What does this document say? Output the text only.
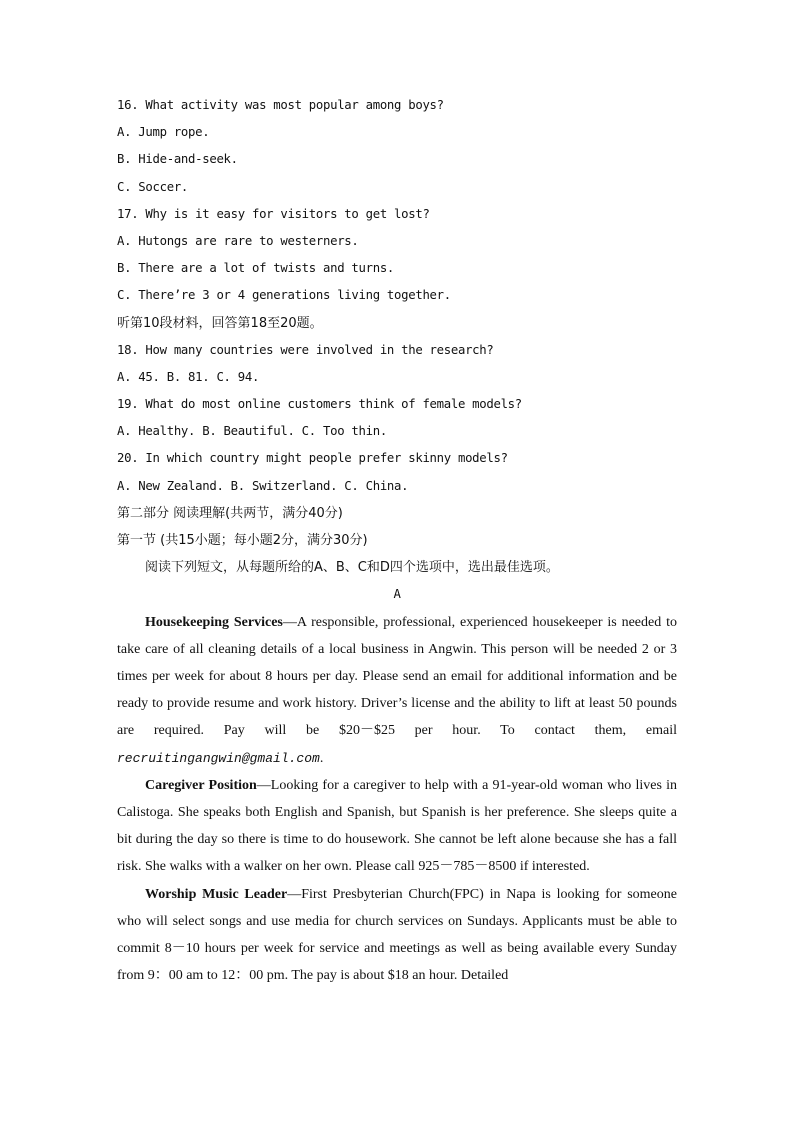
16. What activity was most popular among boys?
A. Jump rope.
B. Hide-and-seek.
C. Soccer.
17. Why is it easy for visitors to get lost?
A. Hutongs are rare to westerners.
B. There are a lot of twists and turns.
C. There’re 3 or 4 generations living together.
听第10段材料，回答第18至20题。
18. How many countries were involved in the research?
A. 45. B. 81. C. 94.
19. What do most online customers think of female models?
A. Healthy. B. Beautiful. C. Too thin.
20. In which country might people prefer skinny models?
A. New Zealand. B. Switzerland. C. China.
第二部分 阅读理解(共两节，满分40分)
第一节 (共15小题；每小题2分，满分30分)
阅读下列短文，从每题所给的A、B、C和D四个选项中，选出最佳选项。
A

Housekeeping Services—A responsible, professional, experienced housekeeper is needed to take care of all cleaning details of a local business in Angwin. This person will be needed 2 or 3 times per week for about 8 hours per day. Please send an email for additional information and be ready to provide resume and work history. Driver’s license and the ability to lift at least 50 pounds are required. Pay will be $20－$25 per hour. To contact them, email recruitingangwin@gmail.com.

Caregiver Position—Looking for a caregiver to help with a 91-year-old woman who lives in Calistoga. She speaks both English and Spanish, but Spanish is her preference. She sleeps quite a bit during the day so there is time to do housework. She cannot be left alone because she has a fall risk. She walks with a walker on her own. Please call 925－785－8500 if interested.

Worship Music Leader—First Presbyterian Church(FPC) in Napa is looking for someone who will select songs and use media for church services on Sundays. Applicants must be able to commit 8－10 hours per week for service and meetings as well as being available every Sunday from 9：00 am to 12：00 pm. The pay is about $18 an hour. Detailed
